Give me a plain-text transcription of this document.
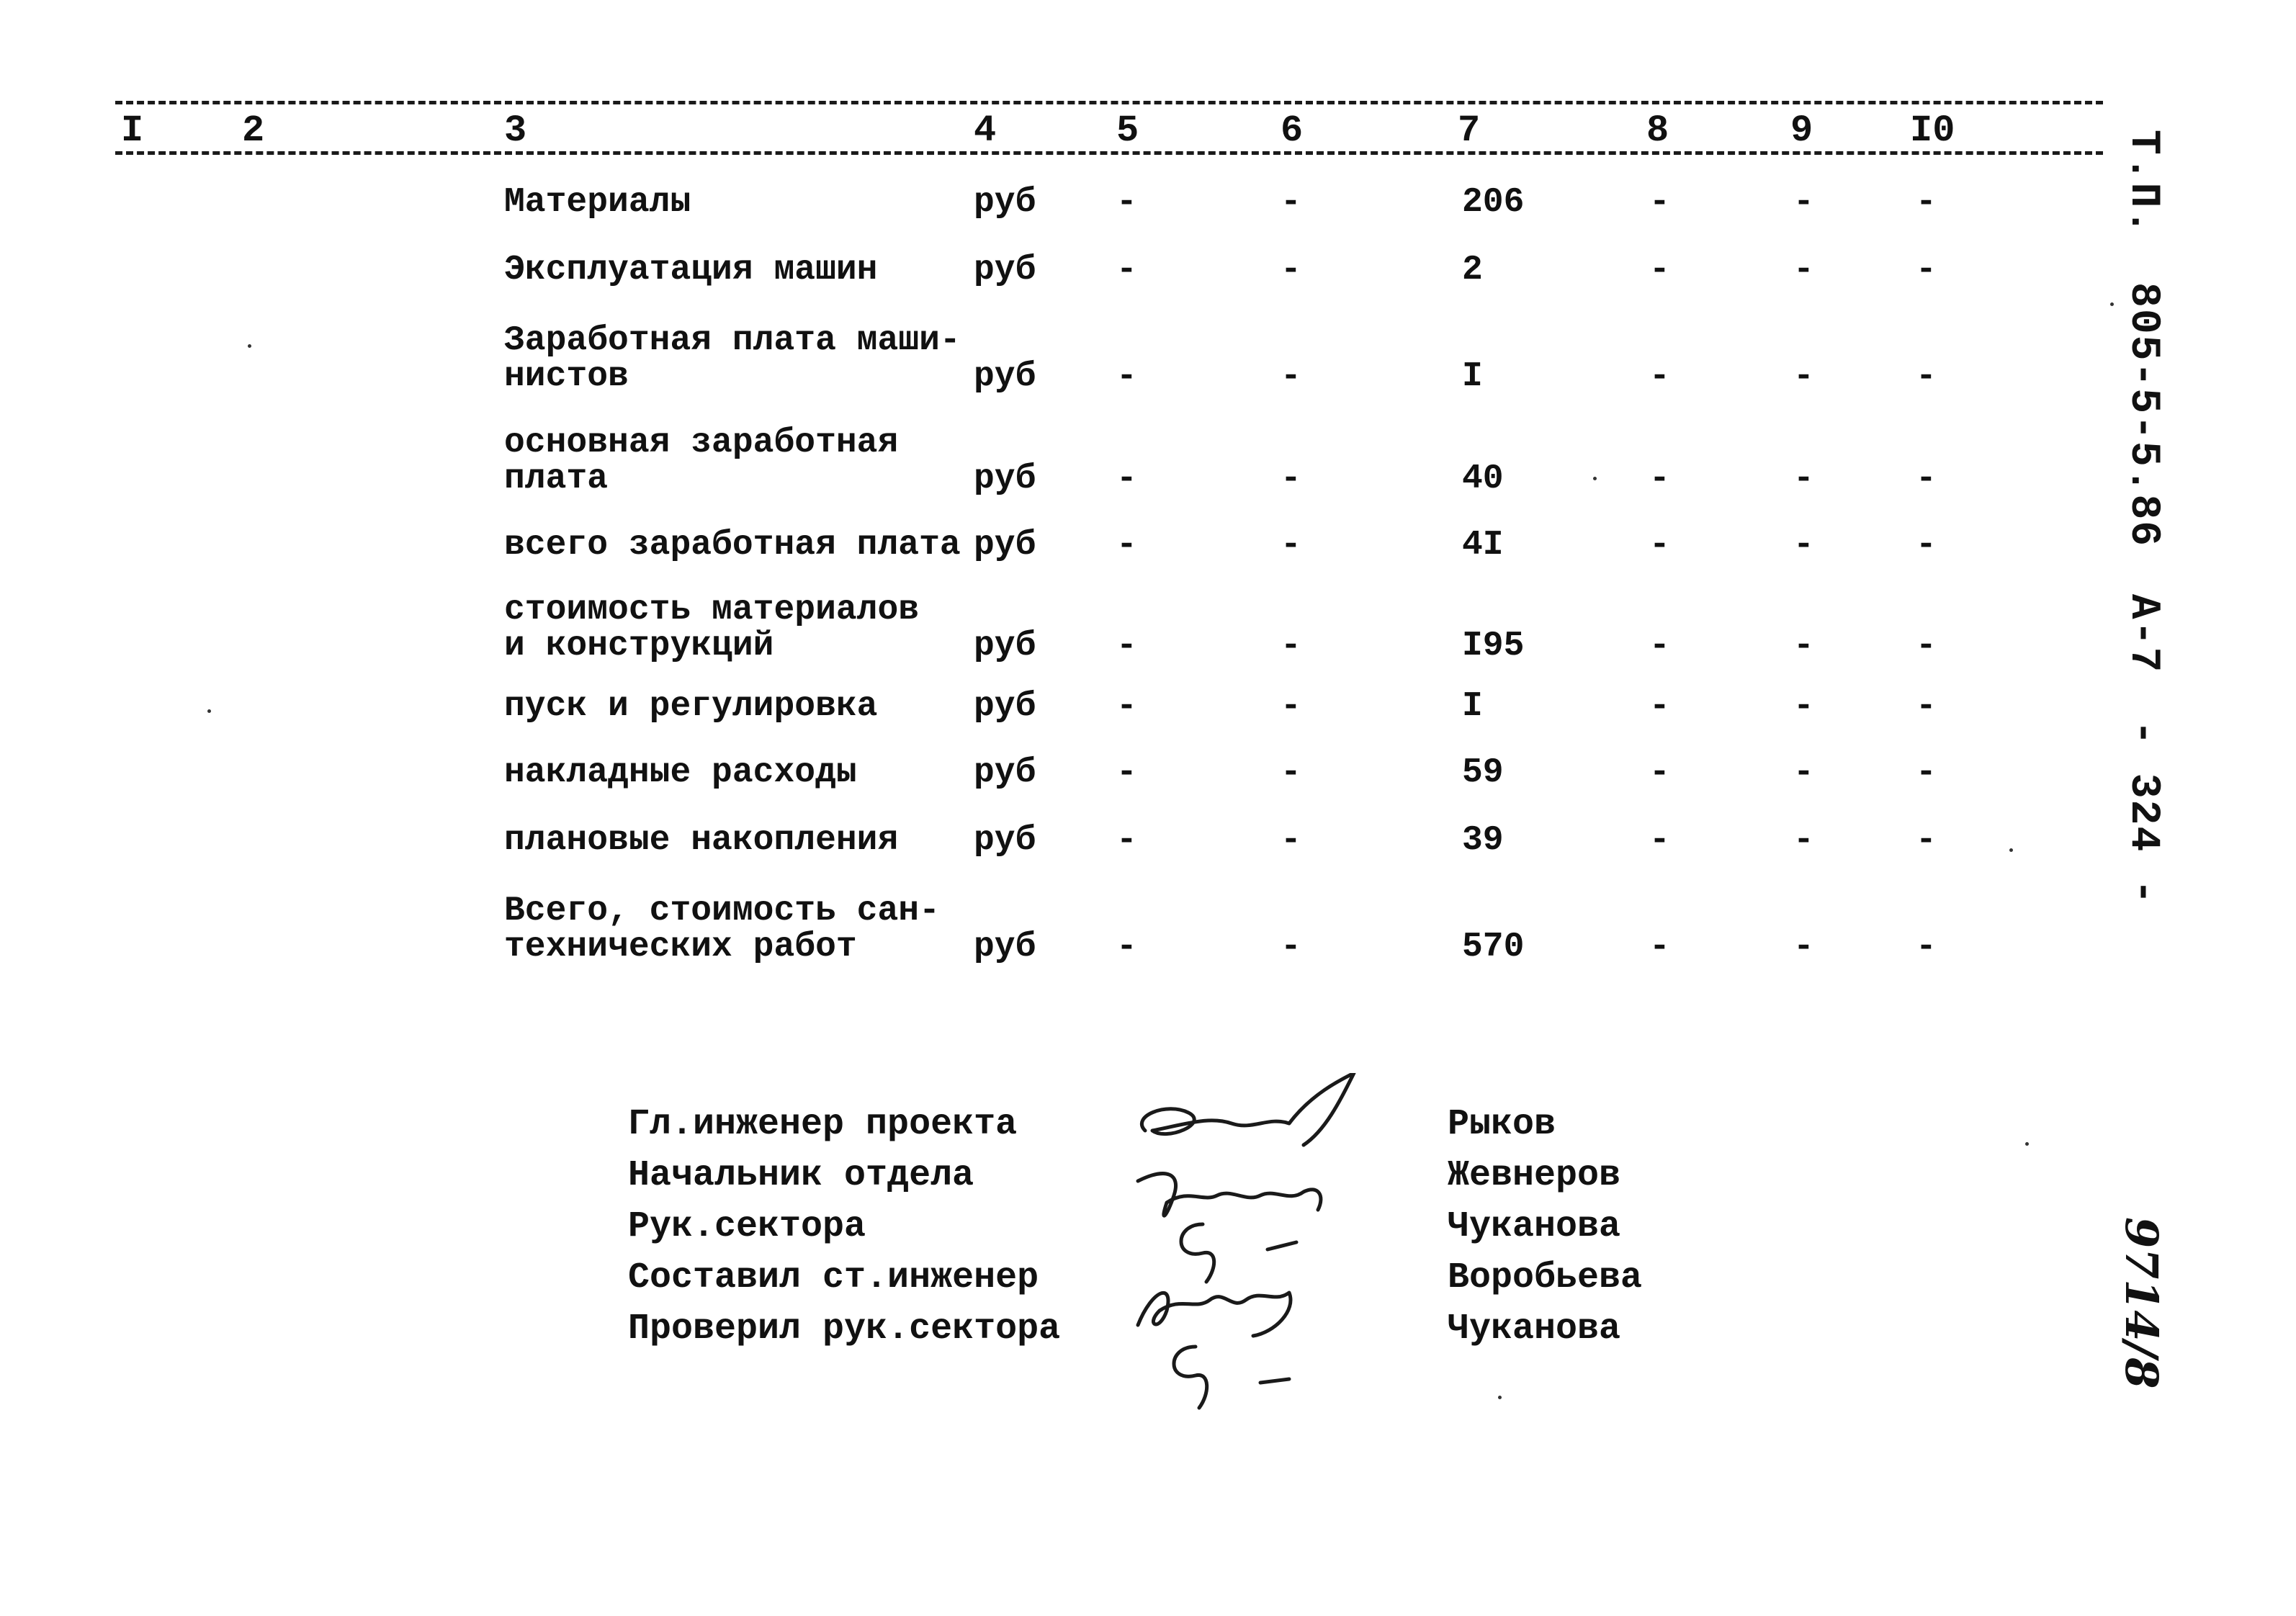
I	2	3	4	5	6	7	8	9	I0
Материалы	руб -	-	206	-	-	-
Эксплуатация машин	руб -	-	2	-	-	-
Заработная плата маши-
нистов	руб -	-	I	-	-	-
основная заработная
плата	руб -	-	40	-	-	-
всего заработная плата руб -	-	4I	-	-	-
стоимость материалов
и конструкций	руб -	-	I95	-	-	-
пуск и регулировка	руб -	-	I	-	-	-
накладные расходы	руб -	-	59	-	-	-
плановые накопления	руб -	-	39	-	-	-
Всего, стоимость сан-
технических работ	руб -	-	570	-	-	-
Гл.инженер проекта	Рыков
Начальник отдела	Жевнеров
Рук.сектора	Чуканова
Составил ст.инженер	Воробьева
Проверил рук.сектора	Чуканова
Т.П. 805-5-5.86 А-7 - 324 -
9714/8
